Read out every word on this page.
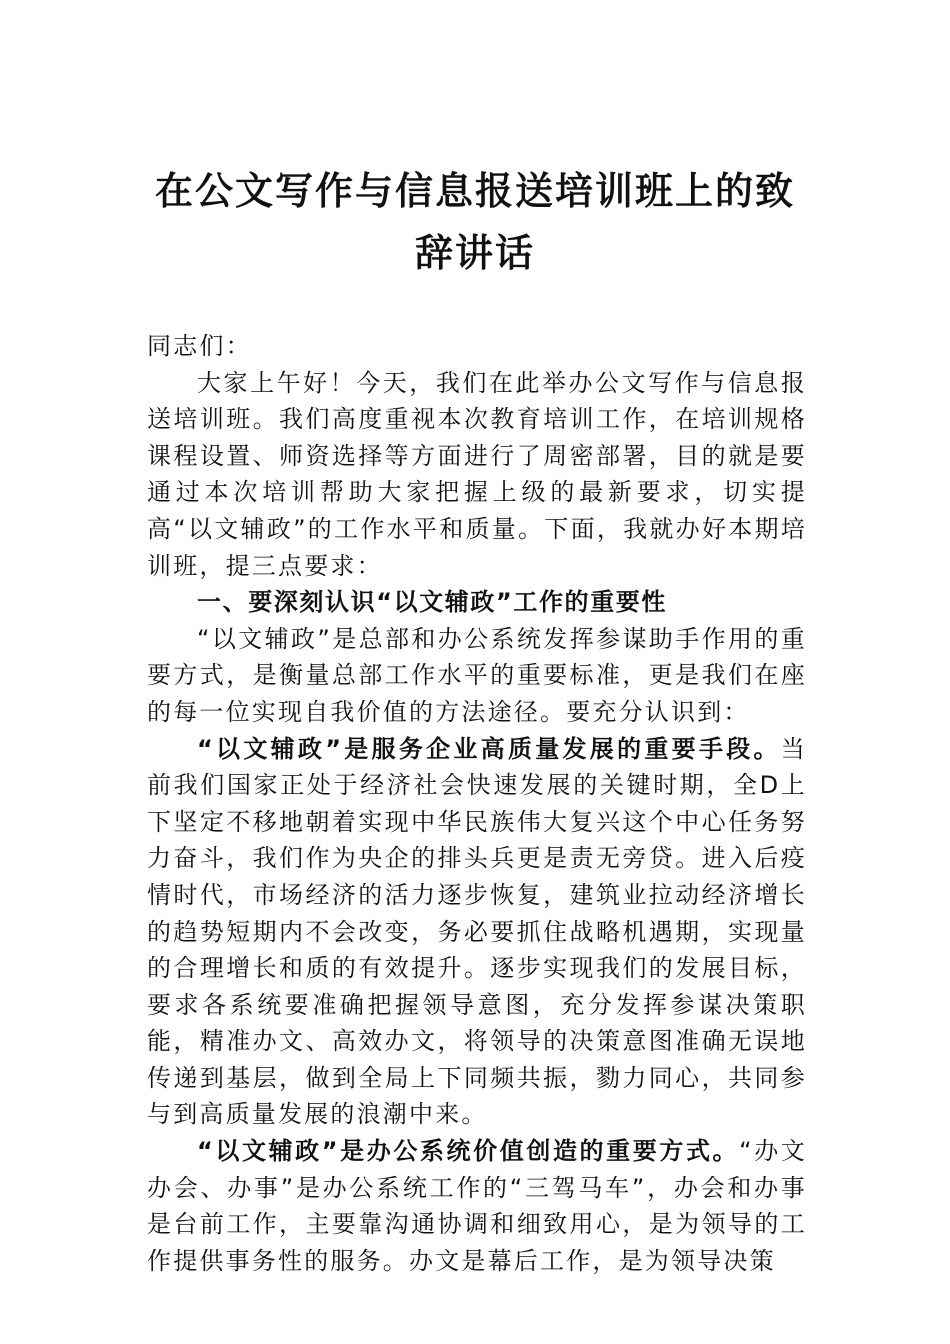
在公文写作与信息报送培训班上的致辞讲话

同志们：

大家上午好！今天，我们在此举办公文写作与信息报送培训班。我们高度重视本次教育培训工作，在培训规格课程设置、师资选择等方面进行了周密部署，目的就是要通过本次培训帮助大家把握上级的最新要求，切实提高“以文辅政”的工作水平和质量。下面，我就办好本期培训班，提三点要求：

一、要深刻认识“以文辅政”工作的重要性

“以文辅政”是总部和办公系统发挥参谋助手作用的重要方式，是衡量总部工作水平的重要标准，更是我们在座的每一位实现自我价值的方法途径。要充分认识到：

“以文辅政”是服务企业高质量发展的重要手段。当前我们国家正处于经济社会快速发展的关键时期，全D上下坚定不移地朝着实现中华民族伟大复兴这个中心任务努力奋斗，我们作为央企的排头兵更是责无旁贷。进入后疫情时代，市场经济的活力逐步恢复，建筑业拉动经济增长的趋势短期内不会改变，务必要抓住战略机遇期，实现量的合理增长和质的有效提升。逐步实现我们的发展目标，要求各系统要准确把握领导意图，充分发挥参谋决策职能，精准办文、高效办文，将领导的决策意图准确无误地传递到基层，做到全局上下同频共振，勠力同心，共同参与到高质量发展的浪潮中来。

“以文辅政”是办公系统价值创造的重要方式。“办文办会、办事”是办公系统工作的“三驾马车”，办会和办事是台前工作，主要靠沟通协调和细致用心，是为领导的工作提供事务性的服务。办文是幕后工作，是为领导决策
